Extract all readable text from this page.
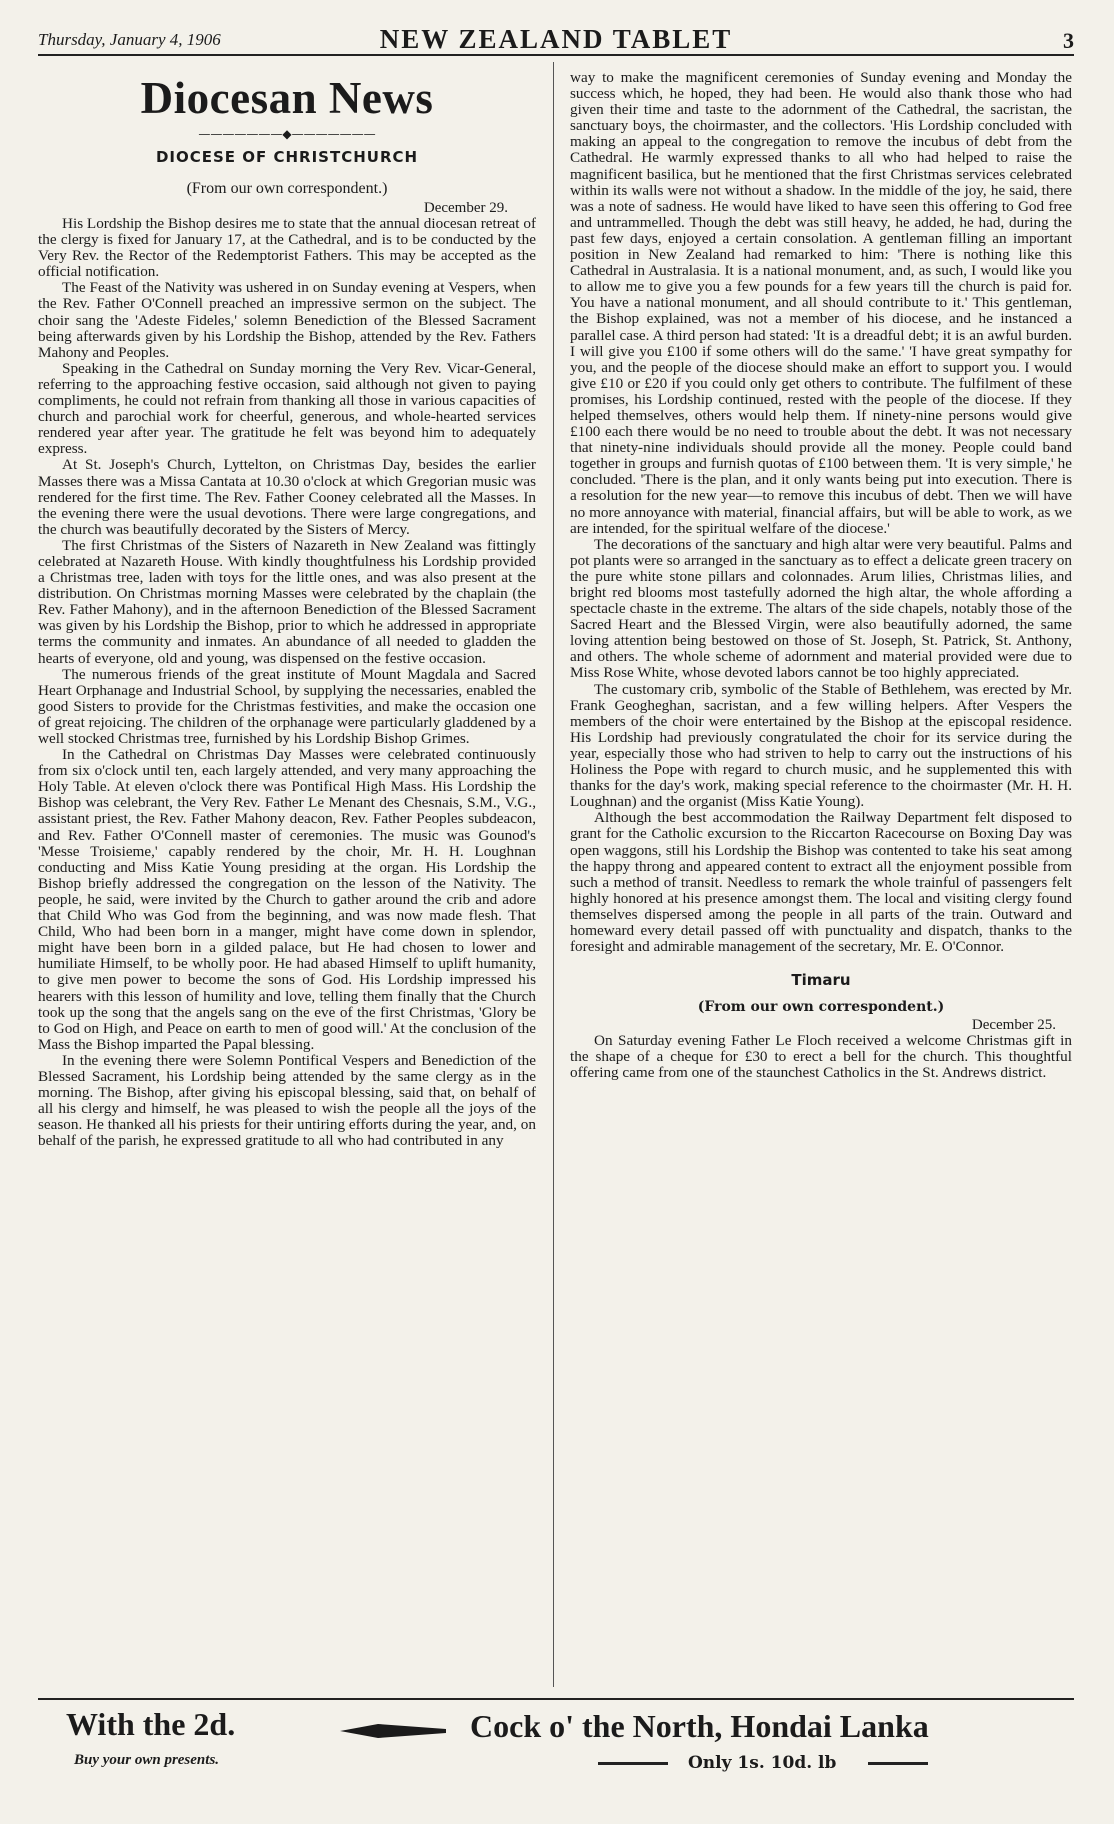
Thursday, January 4, 1906	NEW ZEALAND TABLET	3
Diocesan News
———————◆———————
DIOCESE OF CHRISTCHURCH
(From our own correspondent.)
December 29.

His Lordship the Bishop desires me to state that the annual diocesan retreat of the clergy is fixed for January 17, at the Cathedral, and is to be conducted by the Very Rev. the Rector of the Redemptorist Fathers. This may be accepted as the official notification.

The Feast of the Nativity was ushered in on Sunday evening at Vespers, when the Rev. Father O'Connell preached an impressive sermon on the subject. The choir sang the 'Adeste Fideles,' solemn Benediction of the Blessed Sacrament being afterwards given by his Lordship the Bishop, attended by the Rev. Fathers Mahony and Peoples.

Speaking in the Cathedral on Sunday morning the Very Rev. Vicar-General, referring to the approaching festive occasion, said although not given to paying compliments, he could not refrain from thanking all those in various capacities of church and parochial work for cheerful, generous, and whole-hearted services rendered year after year. The gratitude he felt was beyond him to adequately express.

At St. Joseph's Church, Lyttelton, on Christmas Day, besides the earlier Masses there was a Missa Cantata at 10.30 o'clock at which Gregorian music was rendered for the first time. The Rev. Father Cooney celebrated all the Masses. In the evening there were the usual devotions. There were large congregations, and the church was beautifully decorated by the Sisters of Mercy.

The first Christmas of the Sisters of Nazareth in New Zealand was fittingly celebrated at Nazareth House. With kindly thoughtfulness his Lordship provided a Christmas tree, laden with toys for the little ones, and was also present at the distribution. On Christmas morning Masses were celebrated by the chaplain (the Rev. Father Mahony), and in the afternoon Benediction of the Blessed Sacrament was given by his Lordship the Bishop, prior to which he addressed in appropriate terms the community and inmates. An abundance of all needed to gladden the hearts of everyone, old and young, was dispensed on the festive occasion.

The numerous friends of the great institute of Mount Magdala and Sacred Heart Orphanage and Industrial School, by supplying the necessaries, enabled the good Sisters to provide for the Christmas festivities, and make the occasion one of great rejoicing. The children of the orphanage were particularly gladdened by a well stocked Christmas tree, furnished by his Lordship Bishop Grimes.

In the Cathedral on Christmas Day Masses were celebrated continuously from six o'clock until ten, each largely attended, and very many approaching the Holy Table. At eleven o'clock there was Pontifical High Mass. His Lordship the Bishop was celebrant, the Very Rev. Father Le Menant des Chesnais, S.M., V.G., assistant priest, the Rev. Father Mahony deacon, Rev. Father Peoples subdeacon, and Rev. Father O'Connell master of ceremonies. The music was Gounod's 'Messe Troisieme,' capably rendered by the choir, Mr. H. H. Loughnan conducting and Miss Katie Young presiding at the organ. His Lordship the Bishop briefly addressed the congregation on the lesson of the Nativity. The people, he said, were invited by the Church to gather around the crib and adore that Child Who was God from the beginning, and was now made flesh. That Child, Who had been born in a manger, might have come down in splendor, might have been born in a gilded palace, but He had chosen to lower and humiliate Himself, to be wholly poor. He had abased Himself to uplift humanity, to give men power to become the sons of God. His Lordship impressed his hearers with this lesson of humility and love, telling them finally that the Church took up the song that the angels sang on the eve of the first Christmas, 'Glory be to God on High, and Peace on earth to men of good will.' At the conclusion of the Mass the Bishop imparted the Papal blessing.

In the evening there were Solemn Pontifical Vespers and Benediction of the Blessed Sacrament, his Lordship being attended by the same clergy as in the morning. The Bishop, after giving his episcopal blessing, said that, on behalf of all his clergy and himself, he was pleased to wish the people all the joys of the season. He thanked all his priests for their untiring efforts during the year, and, on behalf of the parish, he expressed gratitude to all who had contributed in any

way to make the magnificent ceremonies of Sunday evening and Monday the success which, he hoped, they had been. He would also thank those who had given their time and taste to the adornment of the Cathedral, the sacristan, the sanctuary boys, the choirmaster, and the collectors. 'His Lordship concluded with making an appeal to the congregation to remove the incubus of debt from the Cathedral. He warmly expressed thanks to all who had helped to raise the magnificent basilica, but he mentioned that the first Christmas services celebrated within its walls were not without a shadow. In the middle of the joy, he said, there was a note of sadness. He would have liked to have seen this offering to God free and untrammelled. Though the debt was still heavy, he added, he had, during the past few days, enjoyed a certain consolation. A gentleman filling an important position in New Zealand had remarked to him: 'There is nothing like this Cathedral in Australasia. It is a national monument, and, as such, I would like you to allow me to give you a few pounds for a few years till the church is paid for. You have a national monument, and all should contribute to it.' This gentleman, the Bishop explained, was not a member of his diocese, and he instanced a parallel case. A third person had stated: 'It is a dreadful debt; it is an awful burden. I will give you £100 if some others will do the same.' 'I have great sympathy for you, and the people of the diocese should make an effort to support you. I would give £10 or £20 if you could only get others to contribute. The fulfilment of these promises, his Lordship continued, rested with the people of the diocese. If they helped themselves, others would help them. If ninety-nine persons would give £100 each there would be no need to trouble about the debt. It was not necessary that ninety-nine individuals should provide all the money. People could band together in groups and furnish quotas of £100 between them. 'It is very simple,' he concluded. 'There is the plan, and it only wants being put into execution. There is a resolution for the new year—to remove this incubus of debt. Then we will have no more annoyance with material, financial affairs, but will be able to work, as we are intended, for the spiritual welfare of the diocese.'

The decorations of the sanctuary and high altar were very beautiful. Palms and pot plants were so arranged in the sanctuary as to effect a delicate green tracery on the pure white stone pillars and colonnades. Arum lilies, Christmas lilies, and bright red blooms most tastefully adorned the high altar, the whole affording a spectacle chaste in the extreme. The altars of the side chapels, notably those of the Sacred Heart and the Blessed Virgin, were also beautifully adorned, the same loving attention being bestowed on those of St. Joseph, St. Patrick, St. Anthony, and others. The whole scheme of adornment and material provided were due to Miss Rose White, whose devoted labors cannot be too highly appreciated.

The customary crib, symbolic of the Stable of Bethlehem, was erected by Mr. Frank Geogheghan, sacristan, and a few willing helpers. After Vespers the members of the choir were entertained by the Bishop at the episcopal residence. His Lordship had previously congratulated the choir for its service during the year, especially those who had striven to help to carry out the instructions of his Holiness the Pope with regard to church music, and he supplemented this with thanks for the day's work, making special reference to the choirmaster (Mr. H. H. Loughnan) and the organist (Miss Katie Young).

Although the best accommodation the Railway Department felt disposed to grant for the Catholic excursion to the Riccarton Racecourse on Boxing Day was open waggons, still his Lordship the Bishop was contented to take his seat among the happy throng and appeared content to extract all the enjoyment possible from such a method of transit. Needless to remark the whole trainful of passengers felt highly honored at his presence amongst them. The local and visiting clergy found themselves dispersed among the people in all parts of the train. Outward and homeward every detail passed off with punctuality and dispatch, thanks to the foresight and admirable management of the secretary, Mr. E. O'Connor.

Timaru
(From our own correspondent.)
December 25.

On Saturday evening Father Le Floch received a welcome Christmas gift in the shape of a cheque for £30 to erect a bell for the church. This thoughtful offering came from one of the staunchest Catholics in the St. Andrews district.

With the 2d.
Buy your own presents.
Cock o' the North, Hondai Lanka
Only 1s. 10d. lb
